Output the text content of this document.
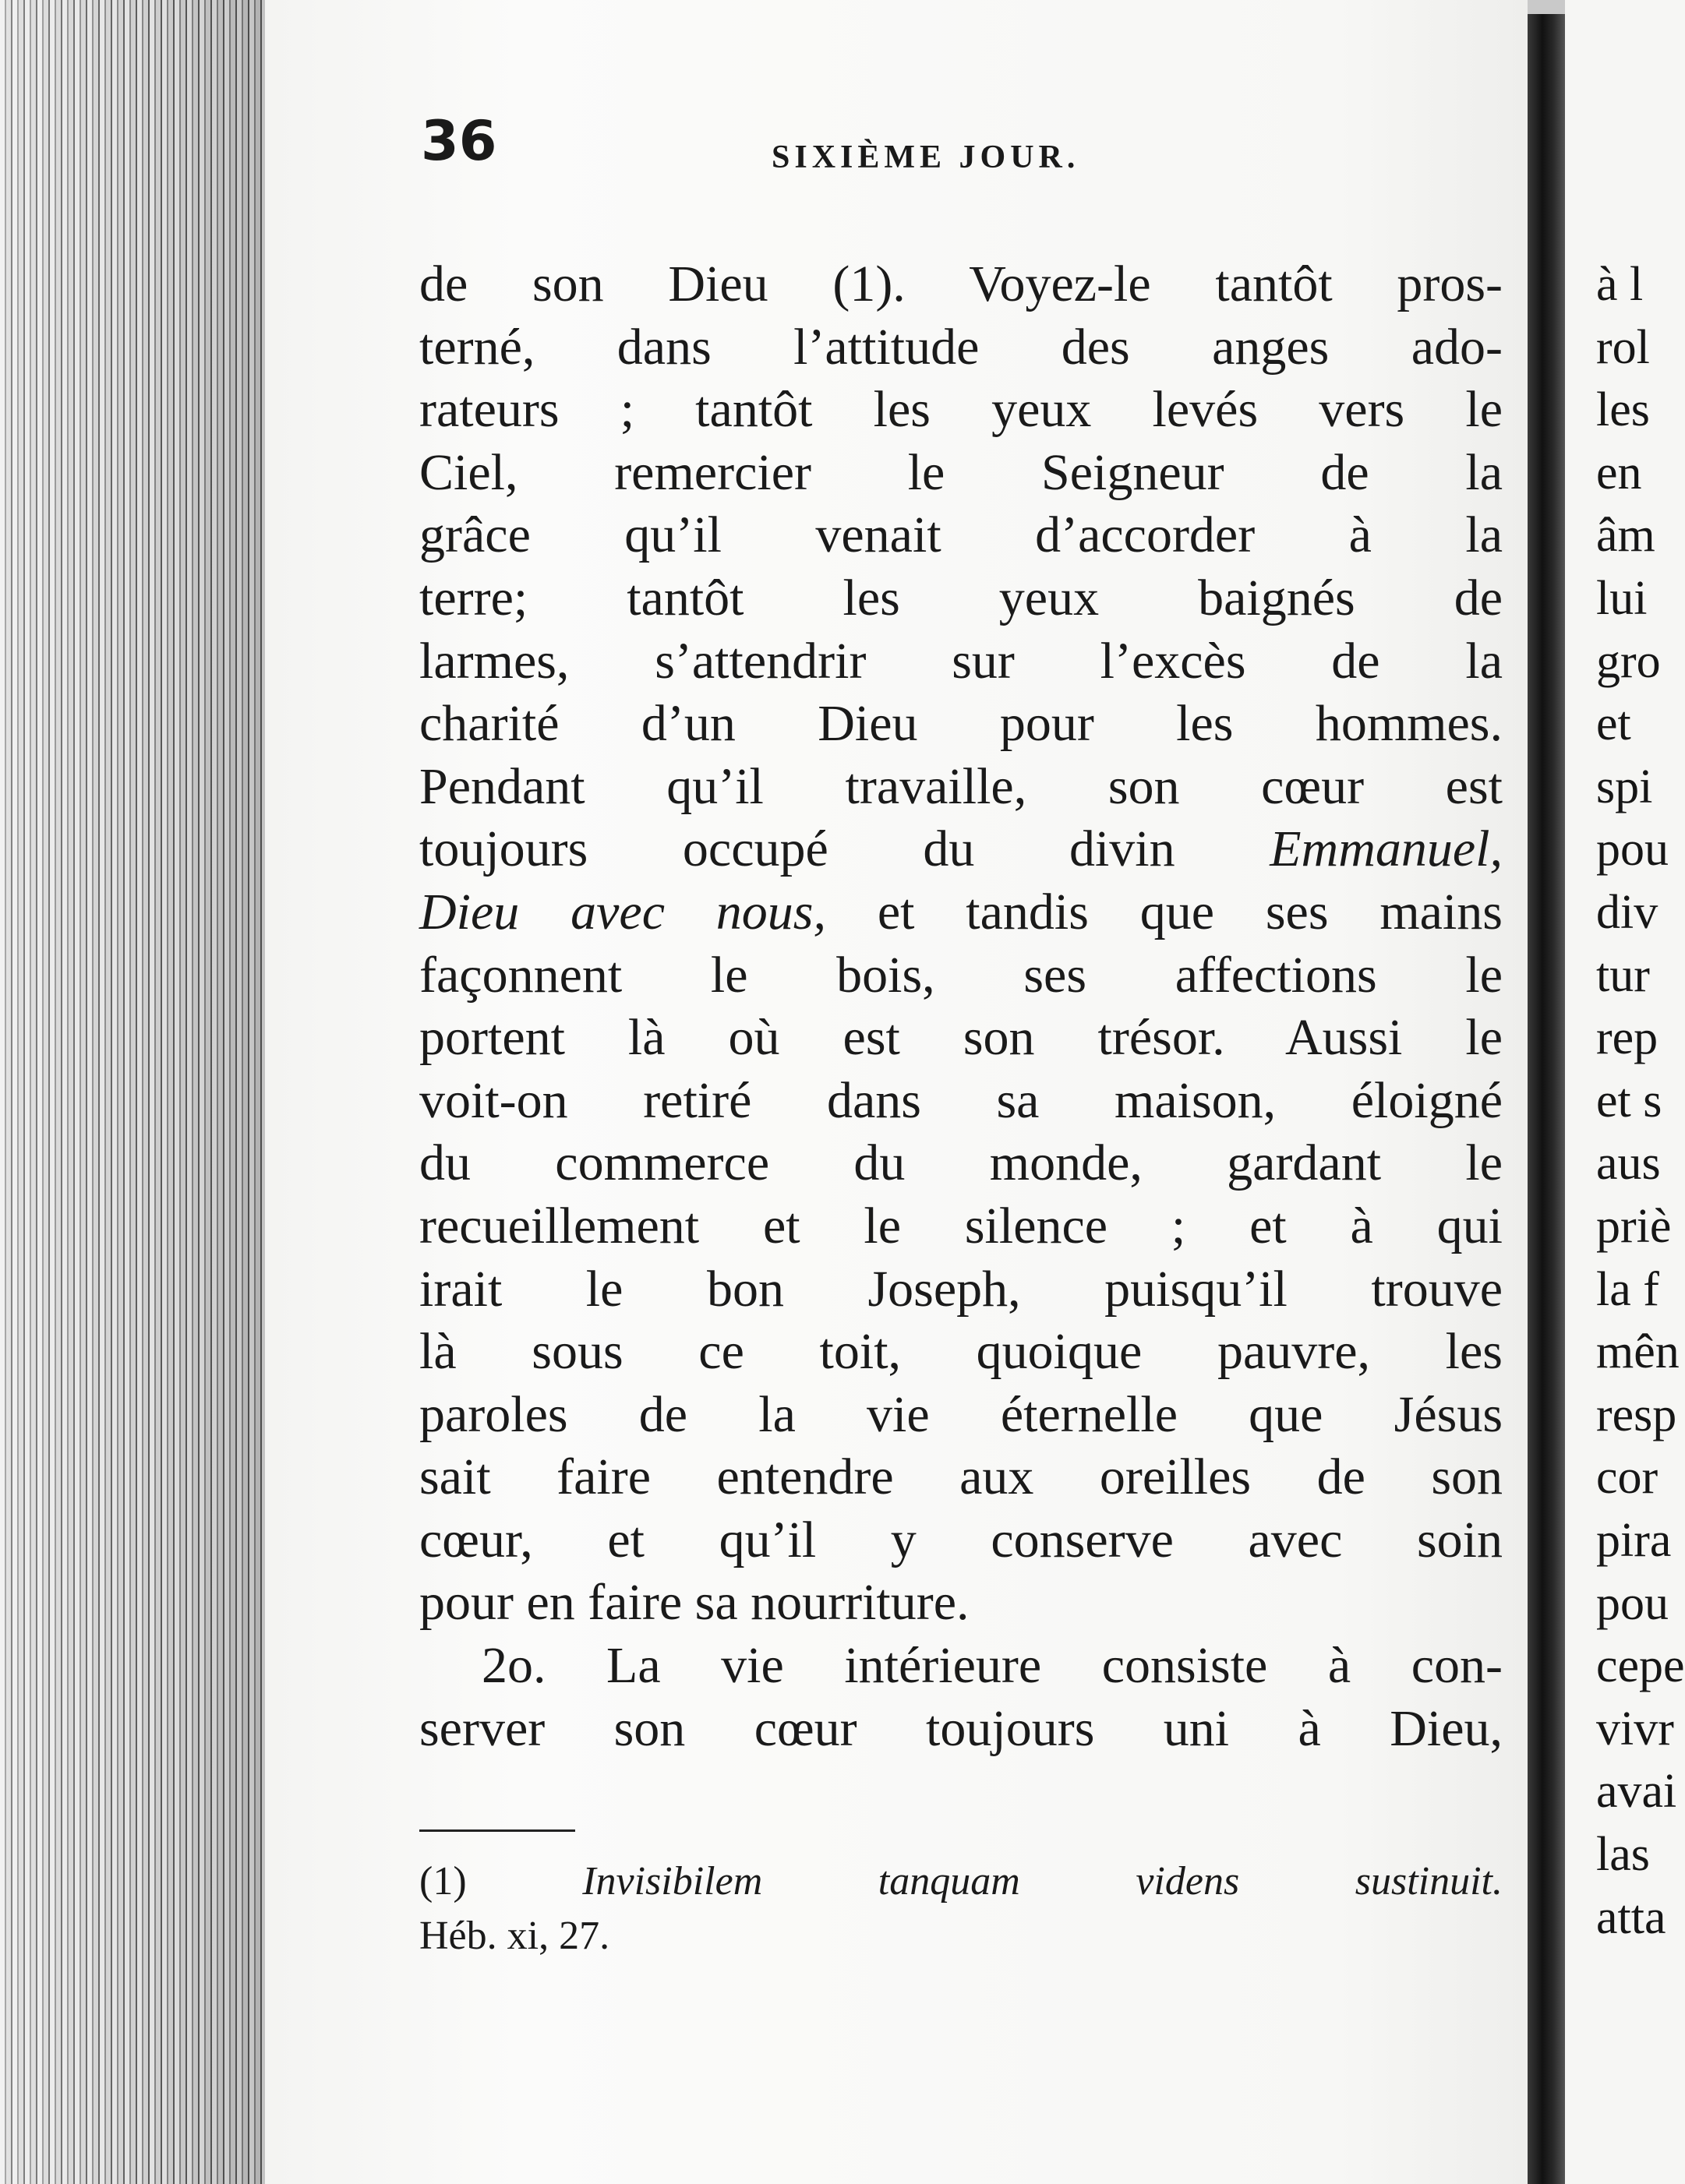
36	SIXIÈME JOUR.
de son Dieu (1). Voyez-le tantôt pros-
terné, dans l’attitude des anges ado-
rateurs ; tantôt les yeux levés vers le
Ciel, remercier le Seigneur de la
grâce qu’il venait d’accorder à la
terre; tantôt les yeux baignés de
larmes, s’attendrir sur l’excès de la
charité d’un Dieu pour les hommes.
Pendant qu’il travaille, son cœur est
toujours occupé du divin Emmanuel,
Dieu avec nous, et tandis que ses mains
façonnent le bois, ses affections le
portent là où est son trésor. Aussi le
voit-on retiré dans sa maison, éloigné
du commerce du monde, gardant le
recueillement et le silence ; et à qui
irait le bon Joseph, puisqu’il trouve
là sous ce toit, quoique pauvre, les
paroles de la vie éternelle que Jésus
sait faire entendre aux oreilles de son
cœur, et qu’il y conserve avec soin
pour en faire sa nourriture.
2o. La vie intérieure consiste à con-
server son cœur toujours uni à Dieu,
(1)	Invisibilem tanquam videns sustinuit.
Héb. xi, 27.
à l
rol
les
en
âm
lui
gro
et
spi
pou
div
tur
rep
et s
aus
priè
la f
mên
resp
cor
pira
pou
cepe
vivr
avai
las
atta
